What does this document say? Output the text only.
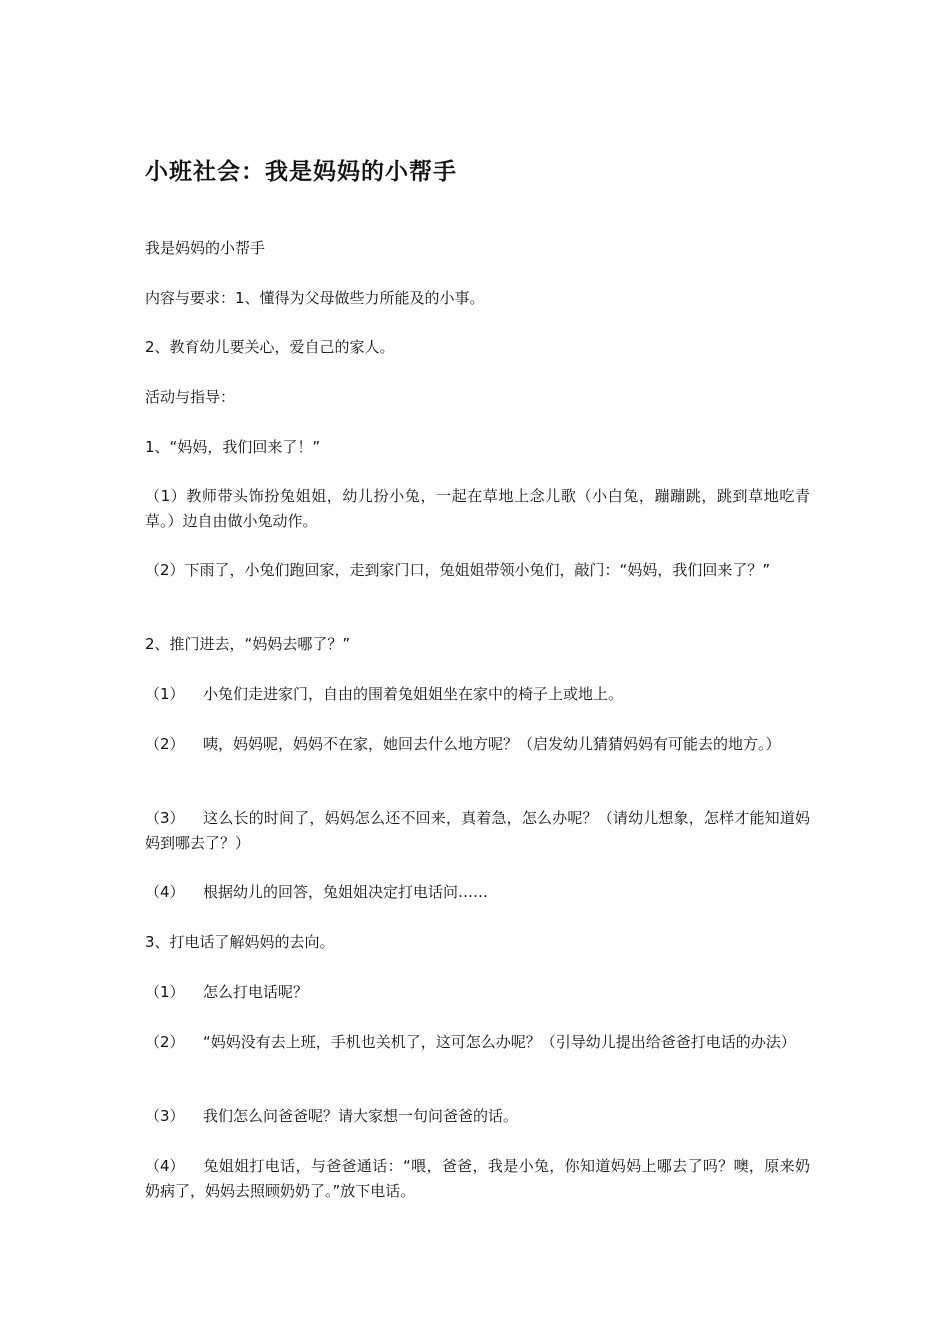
小班社会：我是妈妈的小帮手

我是妈妈的小帮手

内容与要求：1、懂得为父母做些力所能及的小事。

2、教育幼儿要关心，爱自己的家人。

活动与指导：

1、“妈妈，我们回来了！”

（1）教师带头饰扮兔姐姐，幼儿扮小兔，一起在草地上念儿歌（小白兔，蹦蹦跳，跳到草地吃青草。）边自由做小兔动作。

（2）下雨了，小兔们跑回家，走到家门口，兔姐姐带领小兔们，敲门：“妈妈，我们回来了？”

2、推门进去，“妈妈去哪了？”

（1） 小兔们走进家门，自由的围着兔姐姐坐在家中的椅子上或地上。

（2） 咦，妈妈呢，妈妈不在家，她回去什么地方呢？（启发幼儿猜猜妈妈有可能去的地方。）

（3） 这么长的时间了，妈妈怎么还不回来，真着急，怎么办呢？（请幼儿想象，怎样才能知道妈妈到哪去了？）

（4） 根据幼儿的回答，兔姐姐决定打电话问……

3、打电话了解妈妈的去向。

（1） 怎么打电话呢？

（2） “妈妈没有去上班，手机也关机了，这可怎么办呢？（引导幼儿提出给爸爸打电话的办法）

（3） 我们怎么问爸爸呢？请大家想一句问爸爸的话。

（4） 兔姐姐打电话，与爸爸通话：“喂，爸爸，我是小兔，你知道妈妈上哪去了吗？噢，原来奶奶病了，妈妈去照顾奶奶了。”放下电话。
